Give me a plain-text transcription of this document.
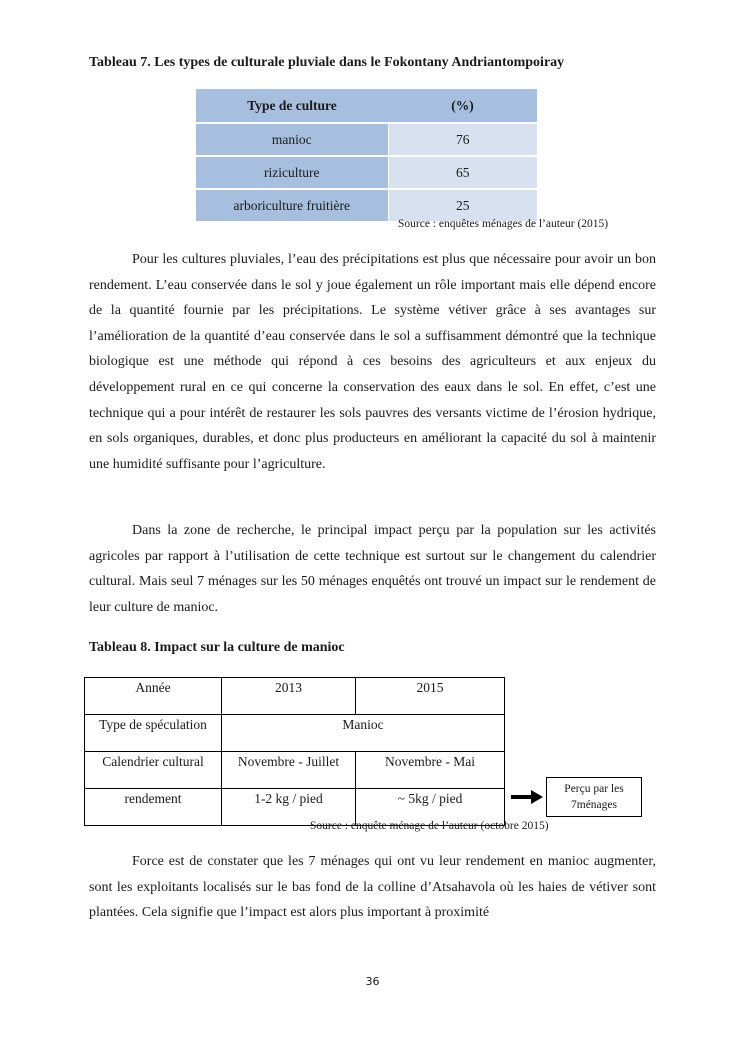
Tableau 7. Les types de culturale pluviale dans le Fokontany Andriantompoiray

Type de culture	(%)
manioc	76
riziculture	65
arboriculture fruitière	25

Source : enquêtes ménages de l’auteur (2015)

Pour les cultures pluviales, l’eau des précipitations est plus que nécessaire pour avoir un bon rendement. L’eau conservée dans le sol y joue également un rôle important mais elle dépend encore de la quantité fournie par les précipitations. Le système vétiver grâce à ses avantages sur l’amélioration de la quantité d’eau conservée dans le sol a suffisamment démontré que la technique biologique est une méthode qui répond à ces besoins des agriculteurs et aux enjeux du développement rural en ce qui concerne la conservation des eaux dans le sol. En effet, c’est une technique qui a pour intérêt de restaurer les sols pauvres des versants victime de l’érosion hydrique, en sols organiques, durables, et donc plus producteurs en améliorant la capacité du sol à maintenir une humidité suffisante pour l’agriculture.

Dans la zone de recherche, le principal impact perçu par la population sur les activités agricoles par rapport à l’utilisation de cette technique est surtout sur le changement du calendrier cultural. Mais seul 7 ménages sur les 50 ménages enquêtés ont trouvé un impact sur le rendement de leur culture de manioc.

Tableau 8. Impact sur la culture de manioc

Année	2013	2015
Type de spéculation	Manioc	
Calendrier cultural	Novembre - Juillet	Novembre - Mai
rendement	1-2 kg / pied	~ 5kg / pied
Perçu par les 7ménages

Source : enquête ménage de l’auteur (octobre 2015)

Force est de constater que les 7 ménages qui ont vu leur rendement en manioc augmenter, sont les exploitants localisés sur le bas fond de la colline d’Atsahavola où les haies de vétiver sont plantées. Cela signifie que l’impact est alors plus important à proximité

36
